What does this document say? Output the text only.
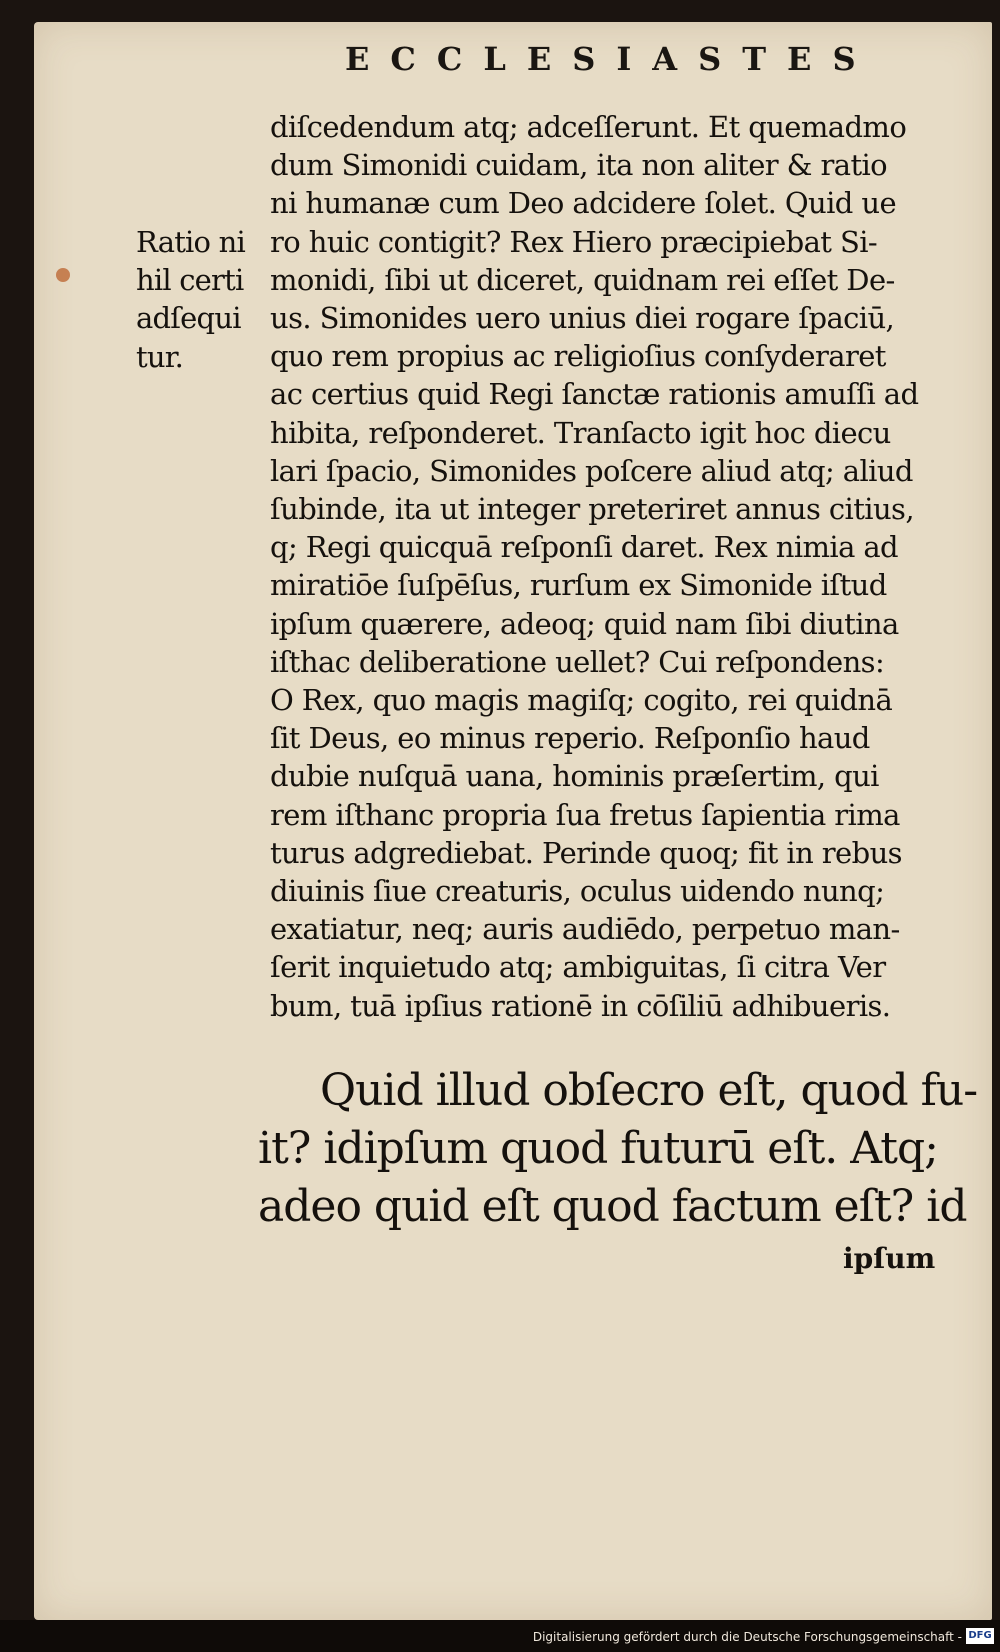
ECCLESIASTES
Ratio ni
hil certi
adſequi
tur.
diſcedendum atq; adceſſerunt. Et quemadmo
dum Simonidi cuidam, ita non aliter & ratio
ni humanæ cum Deo adcidere ſolet. Quid ue
ro huic contigit? Rex Hiero præcipiebat Si-
monidi, ſibi ut diceret, quidnam rei eſſet De-
us. Simonides uero unius diei rogare ſpaciū,
quo rem propius ac religioſius conſyderaret
ac certius quid Regi ſanctæ rationis amuſſi ad
hibita, reſponderet. Tranſacto igit hoc diecu
lari ſpacio, Simonides poſcere aliud atq; aliud
ſubinde, ita ut integer preteriret annus citius,
q; Regi quicquā reſponſi daret. Rex nimia ad
miratiōe ſuſpēſus, rurſum ex Simonide iſtud
ipſum quærere, adeoq; quid nam ſibi diutina
iſthac deliberatione uellet? Cui reſpondens:
O Rex, quo magis magiſq; cogito, rei quidnā
ſit Deus, eo minus reperio. Reſponſio haud
dubie nuſquā uana, hominis præſertim, qui
rem iſthanc propria ſua fretus ſapientia rima
turus adgrediebat. Perinde quoq; fit in rebus
diuinis ſiue creaturis, oculus uidendo nunq;
exatiatur, neq; auris audiēdo, perpetuo man-
ſerit inquietudo atq; ambiguitas, ſi citra Ver
bum, tuā ipſius rationē in cōſiliū adhibueris.
Quid illud obſecro eſt, quod fu-
it? idipſum quod futurū eſt. Atq;
adeo quid eſt quod factum eſt? id
ipſum
Digitalisierung gefördert durch die Deutsche Forschungsgemeinschaft - DFG
